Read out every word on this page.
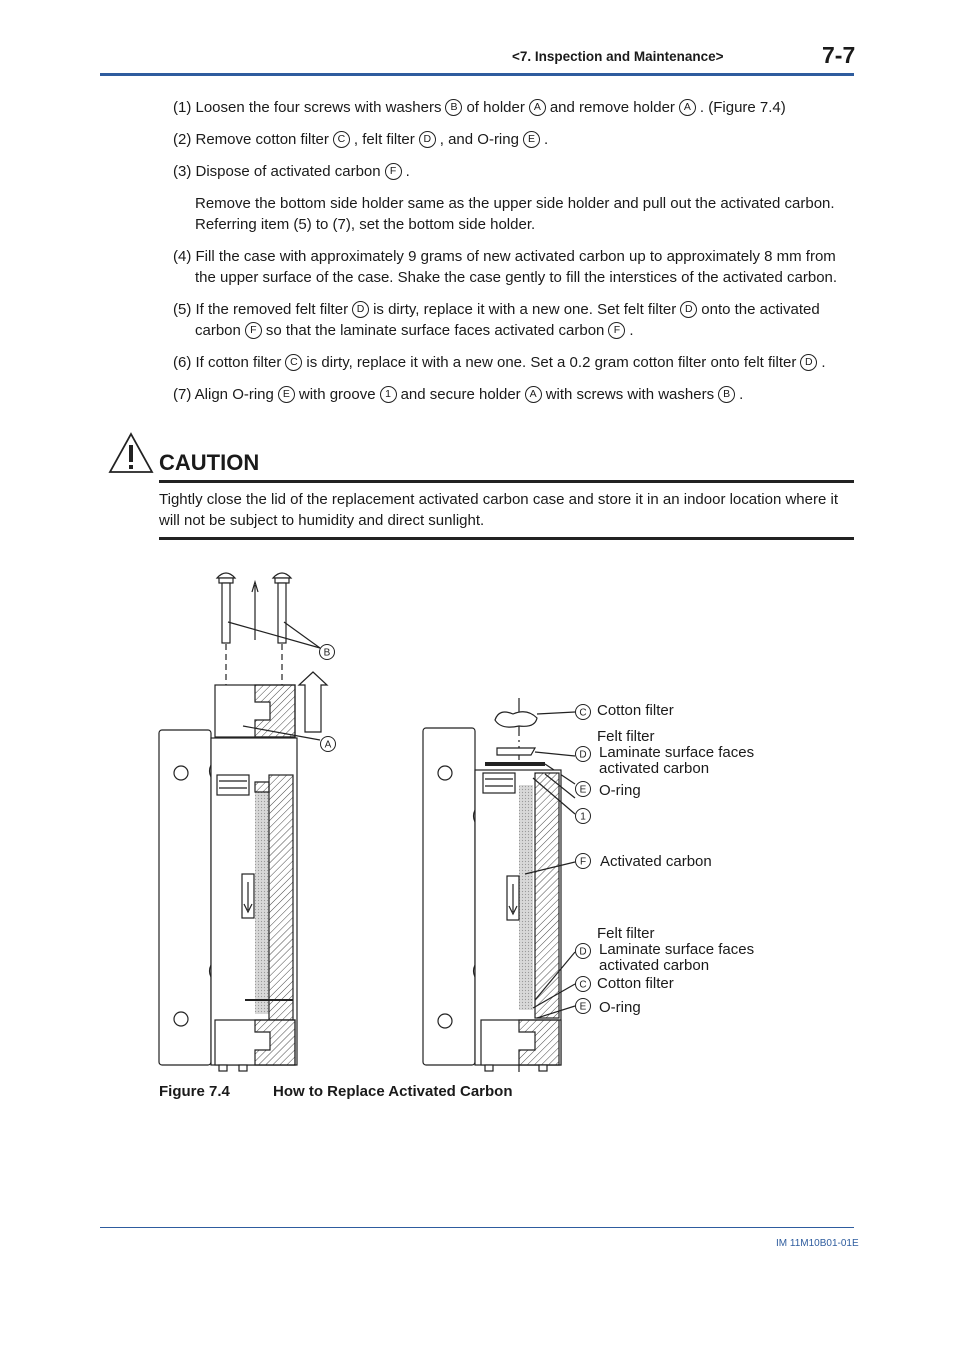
<7. Inspection and Maintenance>	7-7
(1) Loosen the four screws with washers B of holder A and remove holder A . (Figure 7.4)
(2) Remove cotton filter C , felt filter D , and O-ring E .
(3) Dispose of activated carbon F .
Remove the bottom side holder same as the upper side holder and pull out the activated carbon. Referring item (5) to (7), set the bottom side holder.
(4) Fill the case with approximately 9 grams of new activated carbon up to approximately 8 mm from
the upper surface of the case. Shake the case gently to fill the interstices of the activated carbon.
(5) If the removed felt filter D is dirty, replace it with a new one. Set felt filter D onto the activated
carbon F so that the laminate surface faces activated carbon F .
(6) If cotton filter C is dirty, replace it with a new one. Set a 0.2 gram cotton filter onto felt filter D .
(7) Align O-ring E with groove 1 and secure holder A with screws with washers B .
CAUTION
Tightly close the lid of the replacement activated carbon case and store it in an indoor location where it will not be subject to humidity and direct sunlight.
B
A
C
D
E
1
F
D
C
E
Cotton filter
Felt filter
Laminate surface faces
activated carbon
O-ring
Activated carbon
Felt filter
Laminate surface faces
activated carbon
Cotton filter
O-ring
Figure 7.4	How to Replace Activated Carbon
IM 11M10B01-01E
